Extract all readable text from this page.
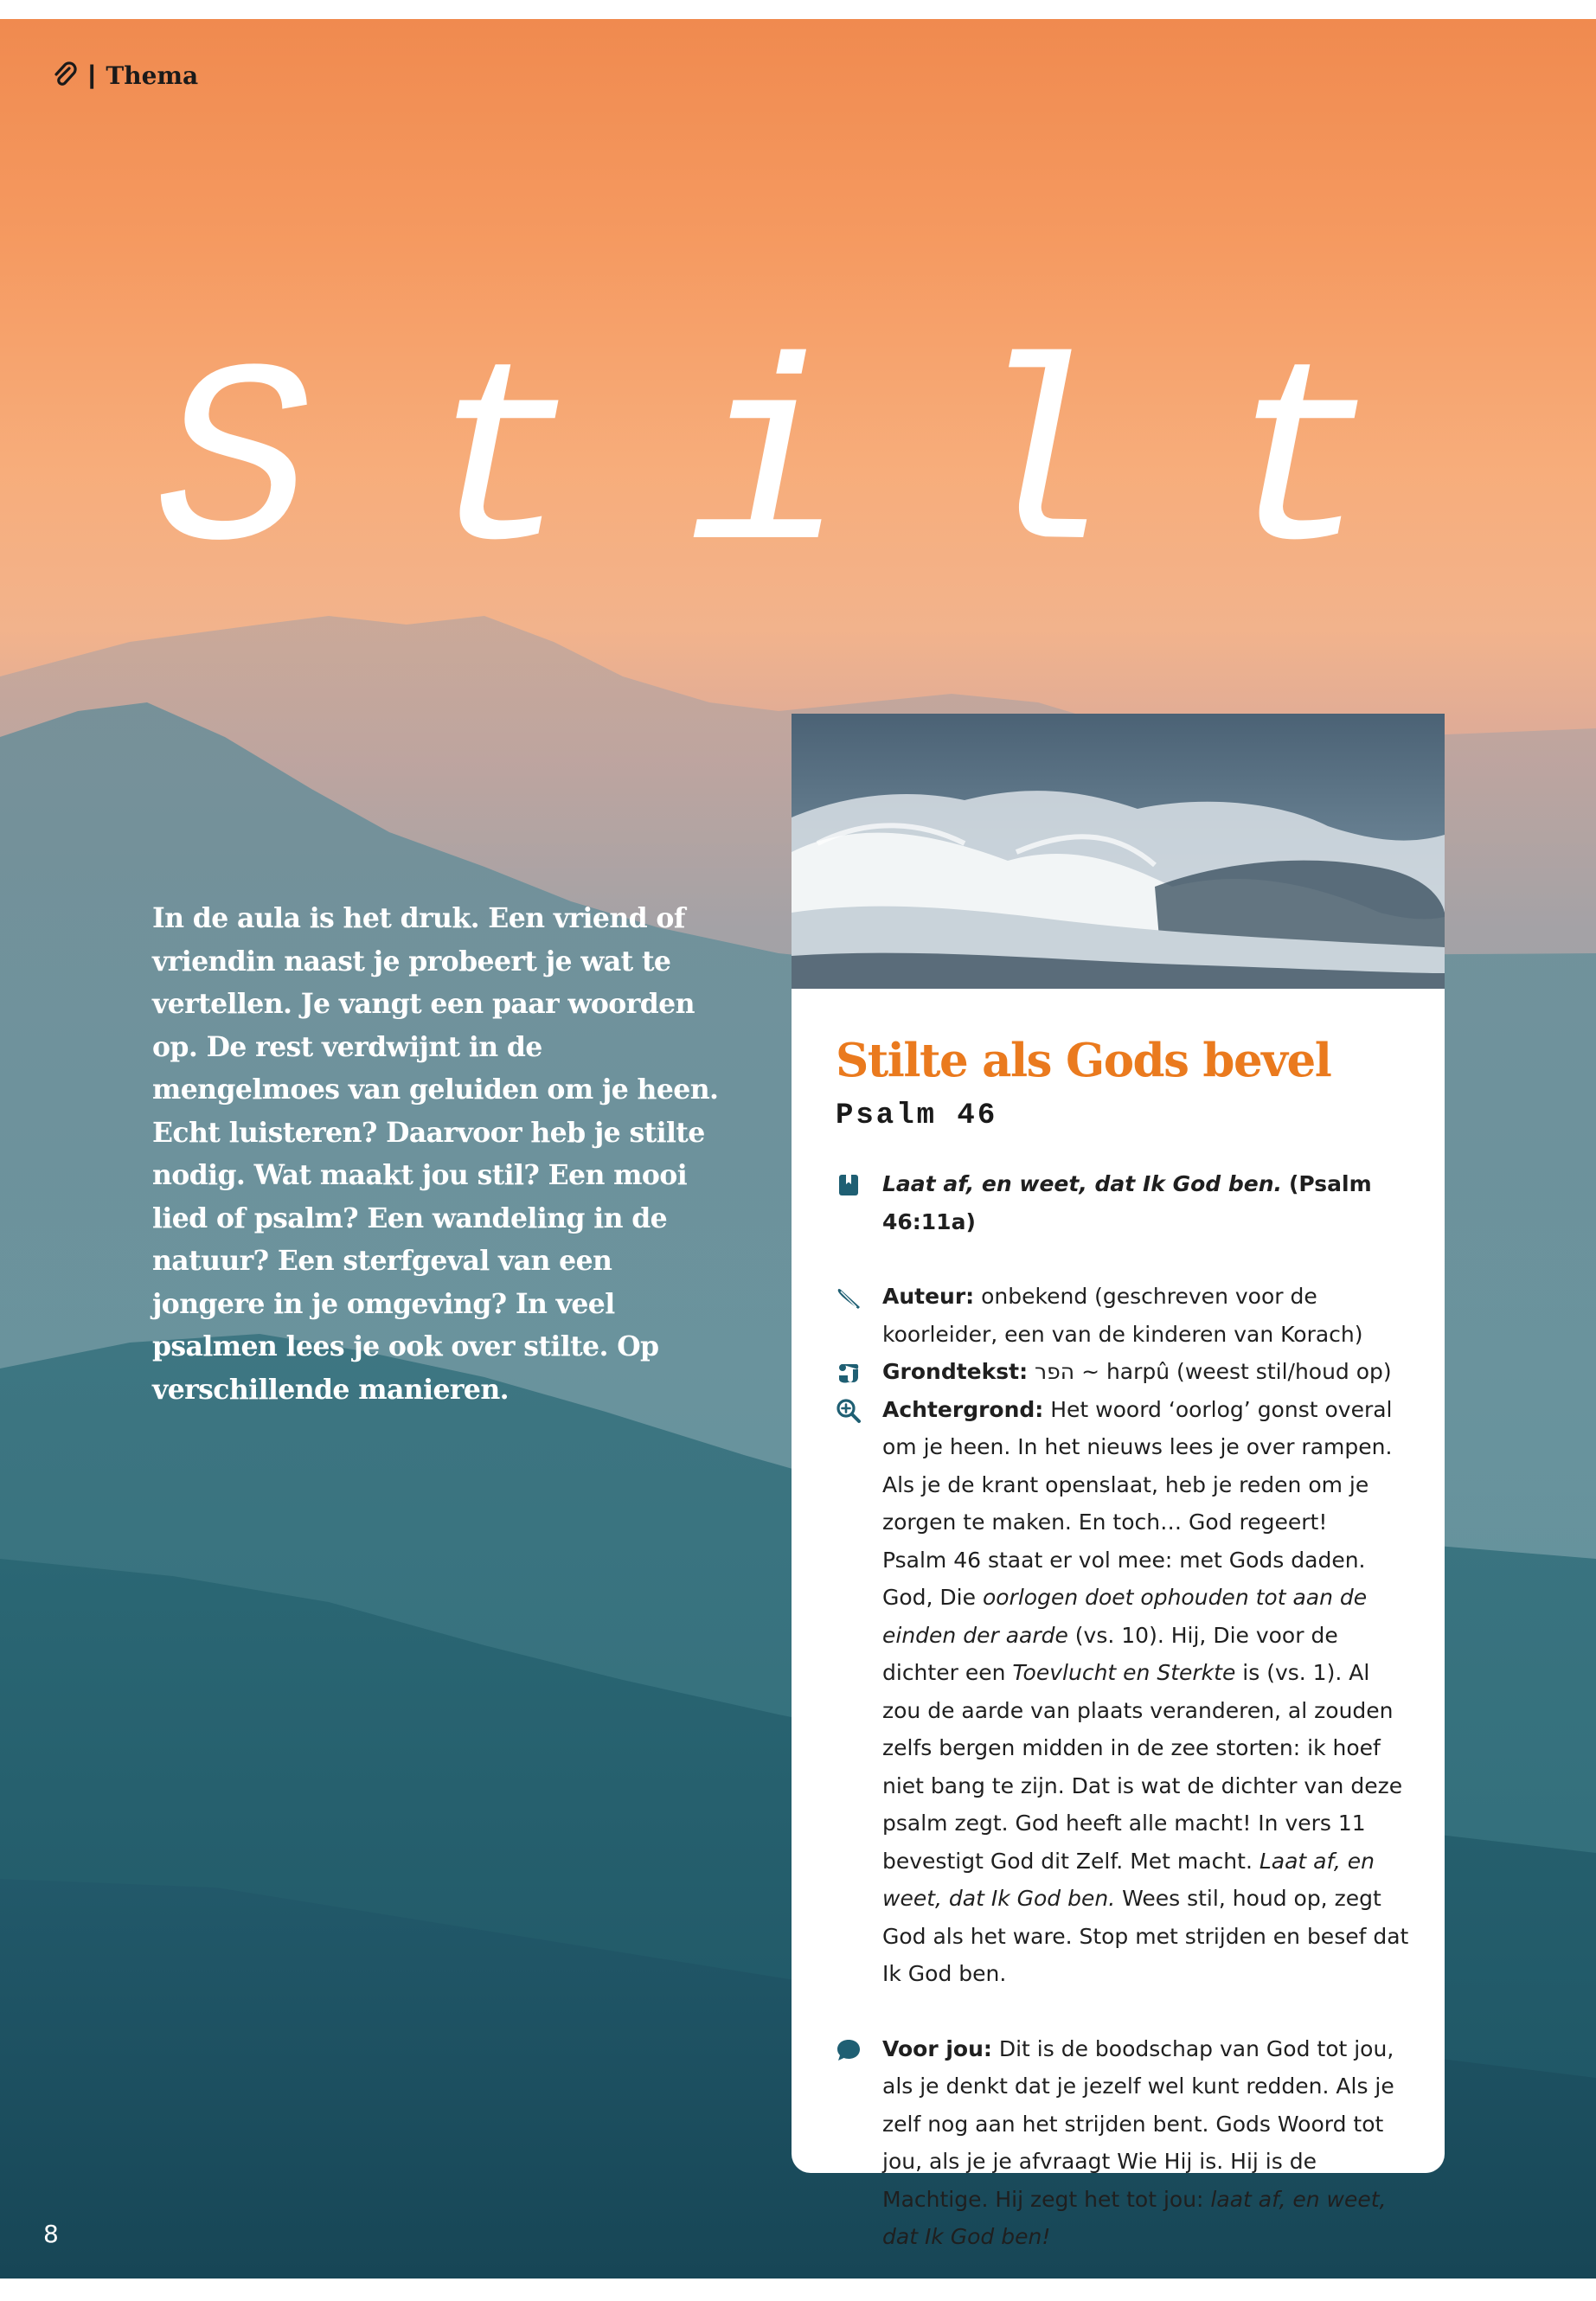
| Thema
Stilt

In de aula is het druk. Een vriend of vriendin naast je probeert je wat te vertellen. Je vangt een paar woorden op. De rest verdwijnt in de mengelmoes van geluiden om je heen. Echt luisteren? Daarvoor heb je stilte nodig. Wat maakt jou stil? Een mooi lied of psalm? Een wandeling in de natuur? Een sterfgeval van een jongere in je omgeving? In veel psalmen lees je ook over stilte. Op verschillende manieren.

Stilte als Gods bevel
Psalm 46
Laat af, en weet, dat Ik God ben. (Psalm 46:11a)
Auteur: onbekend (geschreven voor de koorleider, een van de kinderen van Korach)
Grondtekst: הפר ~ harpû (weest stil/houd op)
Achtergrond: Het woord ‘oorlog’ gonst overal om je heen. In het nieuws lees je over rampen. Als je de krant openslaat, heb je reden om je zorgen te maken. En toch… God regeert!
Psalm 46 staat er vol mee: met Gods daden. God, Die oorlogen doet ophouden tot aan de einden der aarde (vs. 10). Hij, Die voor de dichter een Toevlucht en Sterkte is (vs. 1). Al zou de aarde van plaats veranderen, al zouden zelfs bergen midden in de zee storten: ik hoef niet bang te zijn. Dat is wat de dichter van deze psalm zegt. God heeft alle macht! In vers 11 bevestigt God dit Zelf. Met macht. Laat af, en weet, dat Ik God ben. Wees stil, houd op, zegt God als het ware. Stop met strijden en besef dat Ik God ben.
Voor jou: Dit is de boodschap van God tot jou, als je denkt dat je jezelf wel kunt redden. Als je zelf nog aan het strijden bent. Gods Woord tot jou, als je je afvraagt Wie Hij is. Hij is de Machtige. Hij zegt het tot jou: laat af, en weet, dat Ik God ben!
8
